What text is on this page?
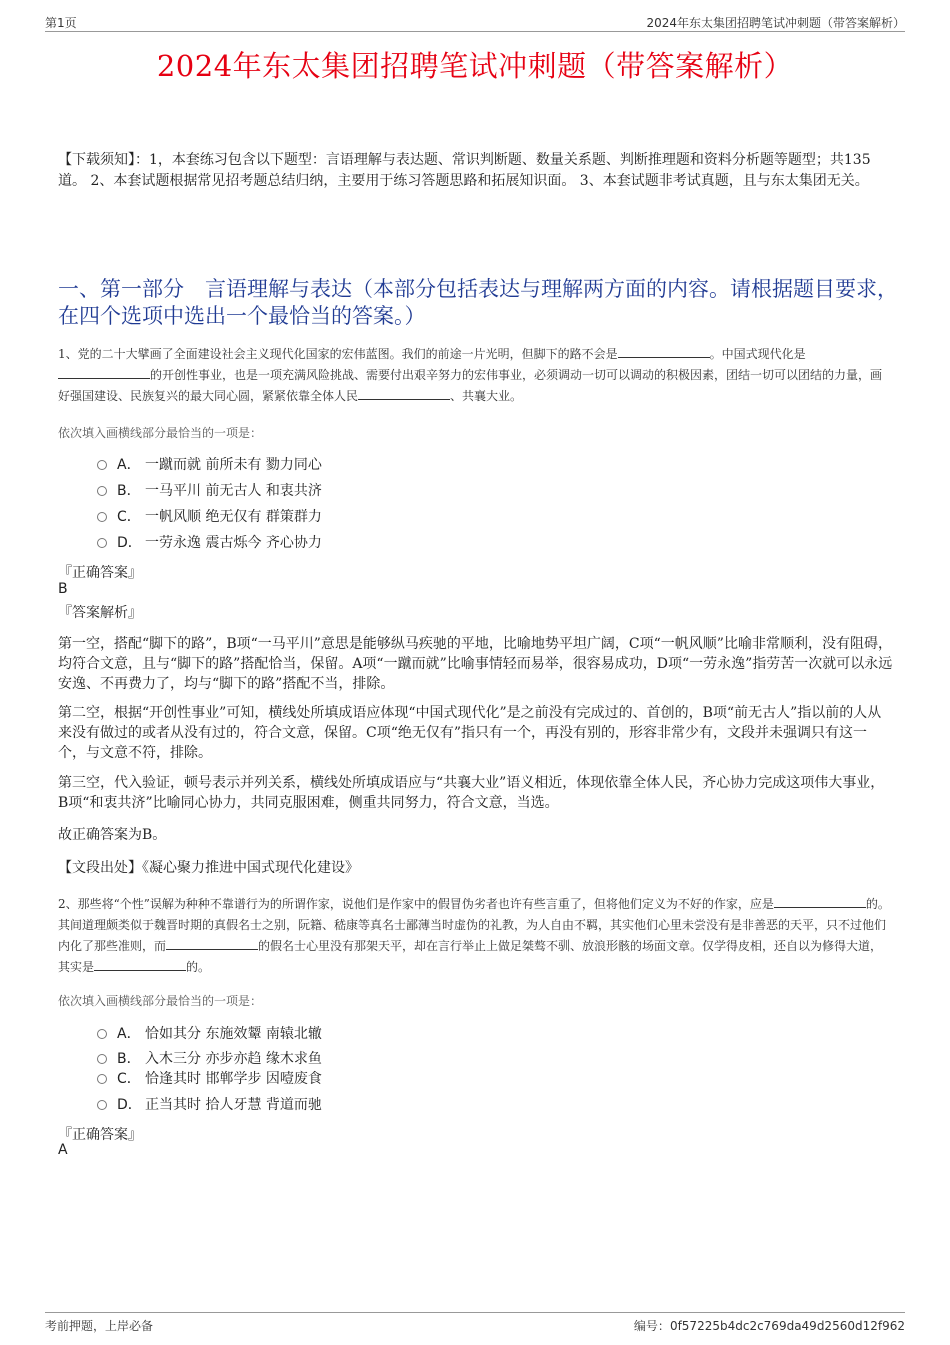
第1页	2024年东太集团招聘笔试冲刺题（带答案解析）
2024年东太集团招聘笔试冲刺题（带答案解析）
【下载须知】：1，本套练习包含以下题型：言语理解与表达题、常识判断题、数量关系题、判断推理题和资料分析题等题型；共135道。 2、本套试题根据常见招考题总结归纳，主要用于练习答题思路和拓展知识面。 3、本套试题非考试真题，且与东太集团无关。
一、第一部分　言语理解与表达（本部分包括表达与理解两方面的内容。请根据题目要求，在四个选项中选出一个最恰当的答案。）
1、党的二十大擘画了全面建设社会主义现代化国家的宏伟蓝图。我们的前途一片光明，但脚下的路不会是	。中国式现代化是的开创性事业，也是一项充满风险挑战、需要付出艰辛努力的宏伟事业，必须调动一切可以调动的积极因素，团结一切可以团结的力量，画好强国建设、民族复兴的最大同心圆，紧紧依靠全体人民	、共襄大业。
依次填入画横线部分最恰当的一项是：
A． 一蹴而就 前所未有 勠力同心
B． 一马平川 前无古人 和衷共济
C． 一帆风顺 绝无仅有 群策群力
D． 一劳永逸 震古烁今 齐心协力
『正确答案』
B
『答案解析』
第一空，搭配“脚下的路”，B项“一马平川”意思是能够纵马疾驰的平地，比喻地势平坦广阔，C项“一帆风顺”比喻非常顺利，没有阻碍，均符合文意，且与“脚下的路”搭配恰当，保留。A项“一蹴而就”比喻事情轻而易举，很容易成功，D项“一劳永逸”指劳苦一次就可以永远安逸、不再费力了，均与“脚下的路”搭配不当，排除。
第二空，根据“开创性事业”可知，横线处所填成语应体现“中国式现代化”是之前没有完成过的、首创的，B项“前无古人”指以前的人从来没有做过的或者从没有过的，符合文意，保留。C项“绝无仅有”指只有一个，再没有别的，形容非常少有，文段并未强调只有这一个，与文意不符，排除。
第三空，代入验证，顿号表示并列关系，横线处所填成语应与“共襄大业”语义相近，体现依靠全体人民，齐心协力完成这项伟大事业，B项“和衷共济”比喻同心协力，共同克服困难，侧重共同努力，符合文意，当选。
故正确答案为B。
【文段出处】《凝心聚力推进中国式现代化建设》
2、那些将“个性”误解为种种不靠谱行为的所谓作家，说他们是作家中的假冒伪劣者也许有些言重了，但将他们定义为不好的作家，应是	的。其间道理颇类似于魏晋时期的真假名士之别，阮籍、嵇康等真名士鄙薄当时虚伪的礼教，为人自由不羁，其实他们心里未尝没有是非善恶的天平，只不过他们内化了那些准则，而	的假名士心里没有那架天平，却在言行举止上做足桀骜不驯、放浪形骸的场面文章。仅学得皮相，还自以为修得大道，其实是	的。
依次填入画横线部分最恰当的一项是：
A． 恰如其分 东施效颦 南辕北辙
B． 入木三分 亦步亦趋 缘木求鱼
C． 恰逢其时 邯郸学步 因噎废食
D． 正当其时 拾人牙慧 背道而驰
『正确答案』
A
考前押题，上岸必备	编号：0f57225b4dc2c769da49d2560d12f962
